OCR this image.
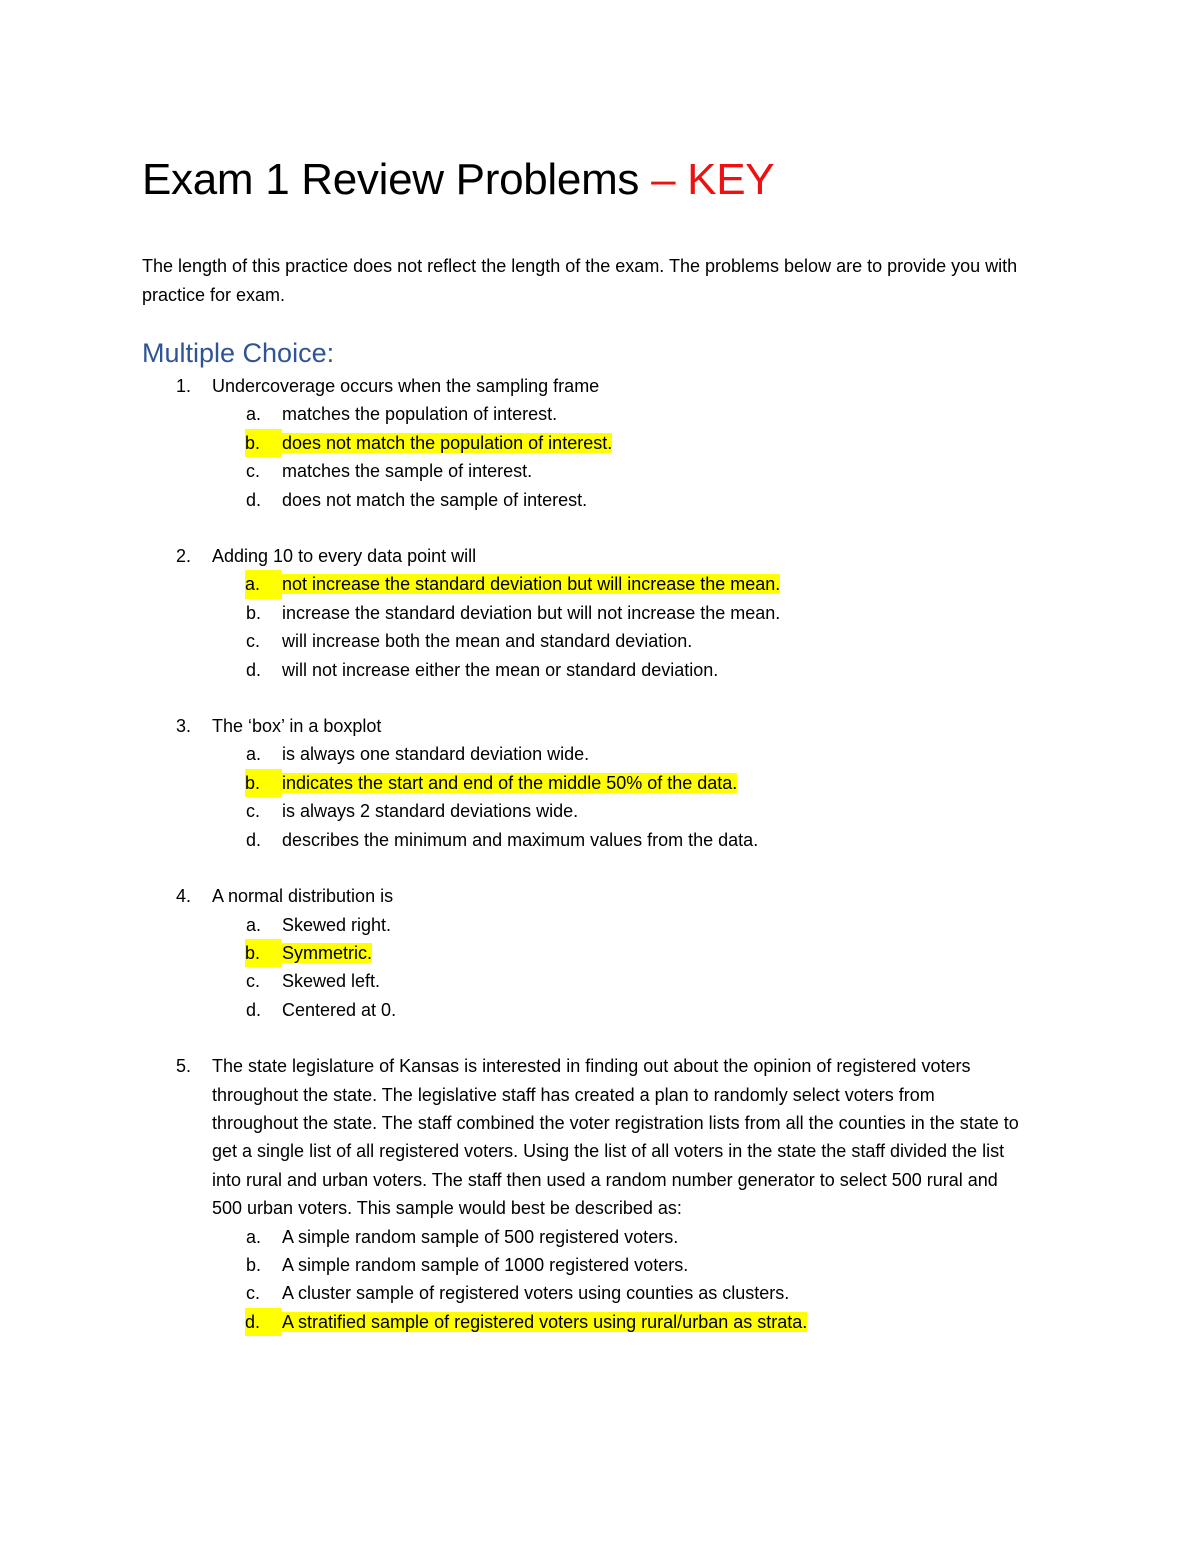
Exam 1 Review Problems – KEY
The length of this practice does not reflect the length of the exam. The problems below are to provide you with practice for exam.
Multiple Choice:
1. Undercoverage occurs when the sampling frame
a. matches the population of interest.
b.	does not match the population of interest.
c. matches the sample of interest.
d. does not match the sample of interest.
2. Adding 10 to every data point will
a.	not increase the standard deviation but will increase the mean.
b. increase the standard deviation but will not increase the mean.
c. will increase both the mean and standard deviation.
d. will not increase either the mean or standard deviation.
3. The ‘box’ in a boxplot
a. is always one standard deviation wide.
b.	indicates the start and end of the middle 50% of the data.
c. is always 2 standard deviations wide.
d. describes the minimum and maximum values from the data.
4. A normal distribution is
a. Skewed right.
b.	Symmetric.
c. Skewed left.
d. Centered at 0.
5. The state legislature of Kansas is interested in finding out about the opinion of registered voters throughout the state. The legislative staff has created a plan to randomly select voters from throughout the state. The staff combined the voter registration lists from all the counties in the state to get a single list of all registered voters. Using the list of all voters in the state the staff divided the list into rural and urban voters. The staff then used a random number generator to select 500 rural and 500 urban voters. This sample would best be described as:
a. A simple random sample of 500 registered voters.
b. A simple random sample of 1000 registered voters.
c. A cluster sample of registered voters using counties as clusters.
d.	A stratified sample of registered voters using rural/urban as strata.
